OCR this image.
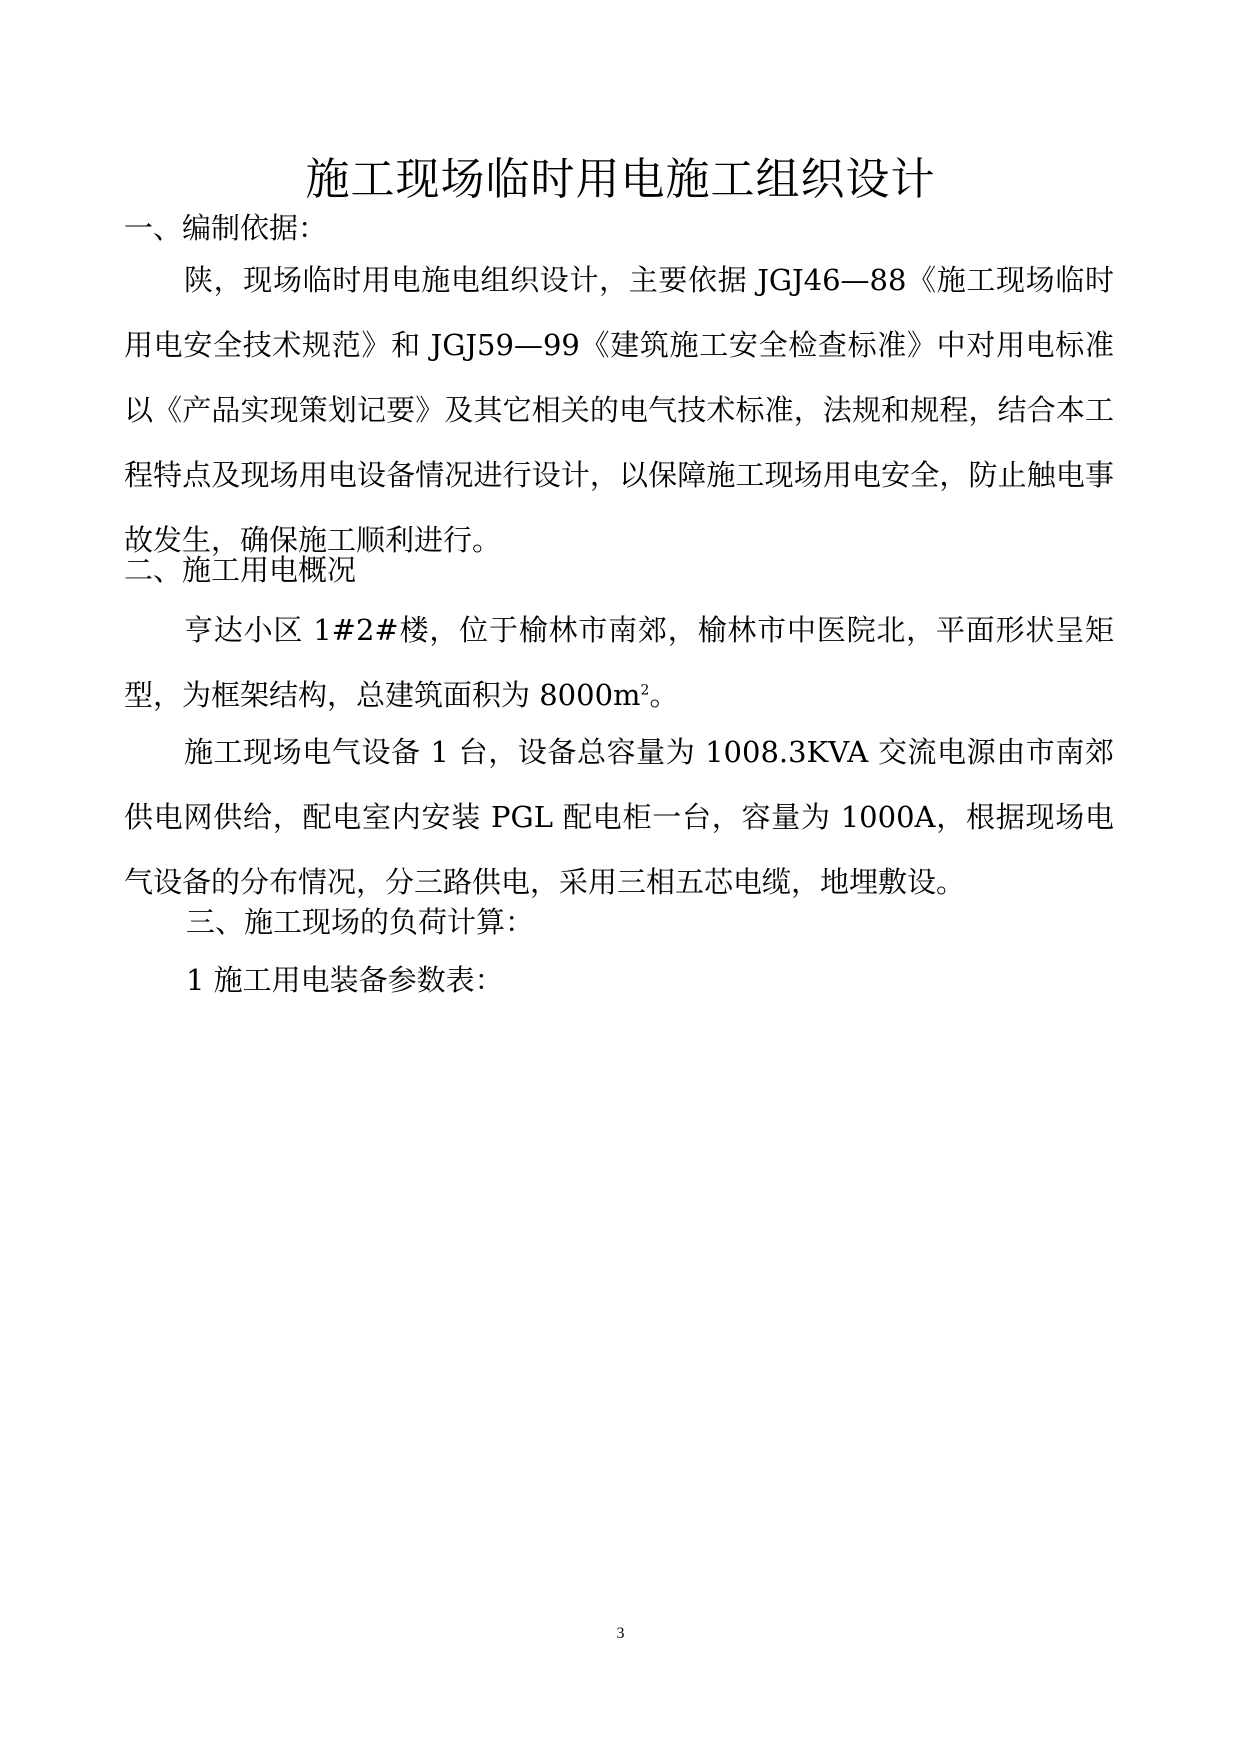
施工现场临时用电施工组织设计
一、编制依据：
陕，现场临时用电施电组织设计，主要依据 JGJ46—88《施工现场临时用电安全技术规范》和 JGJ59—99《建筑施工安全检查标准》中对用电标准以《产品实现策划记要》及其它相关的电气技术标准，法规和规程，结合本工程特点及现场用电设备情况进行设计，以保障施工现场用电安全，防止触电事故发生，确保施工顺利进行。
二、施工用电概况
亨达小区 1#2#楼，位于榆林市南郊，榆林市中医院北，平面形状呈矩型，为框架结构，总建筑面积为 $8000m^2$。
施工现场电气设备 1 台，设备总容量为 1008.3KVA 交流电源由市南郊供电网供给，配电室内安装 PGL 配电柜一台，容量为 1000A，根据现场电气设备的分布情况，分三路供电，采用三相五芯电缆，地埋敷设。
三、施工现场的负荷计算：
1 施工用电装备参数表：
3
